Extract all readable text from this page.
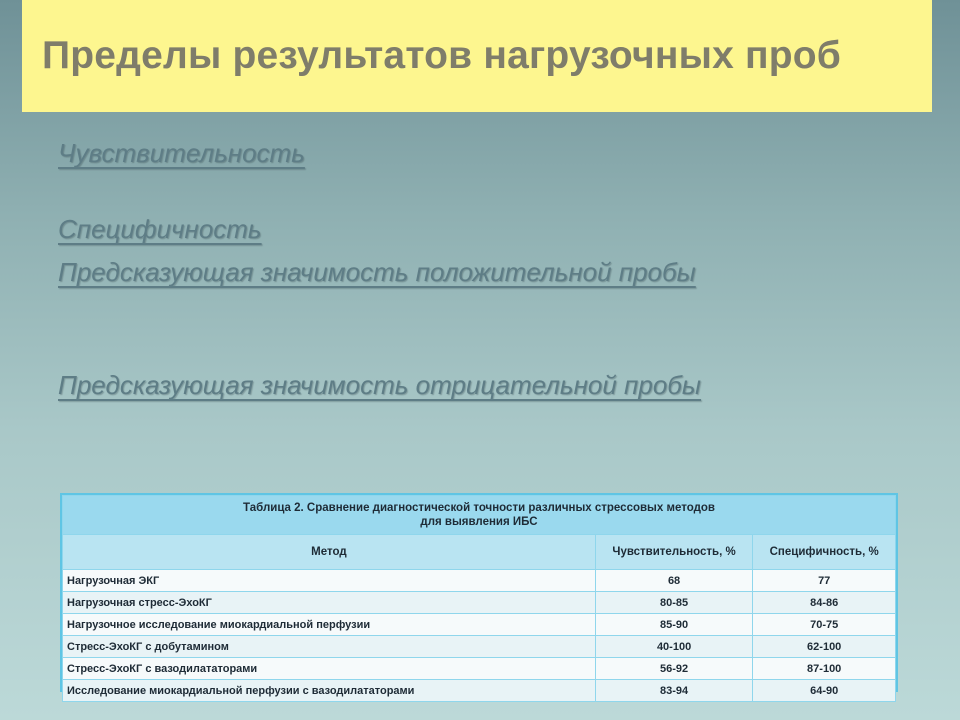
Пределы результатов нагрузочных проб
Чувствительность
Специфичность
Предсказующая значимость положительной пробы
Предсказующая значимость отрицательной пробы
Таблица 2. Сравнение диагностической точности различных стрессовых методов
для выявления ИБС		
Метод	Чувствительность, %	Специфичность, %
Нагрузочная ЭКГ	68	77
Нагрузочная стресс-ЭхоКГ	80-85	84-86
Нагрузочное исследование миокардиальной перфузии	85-90	70-75
Стресс-ЭхоКГ с добутамином	40-100	62-100
Стресс-ЭхоКГ с вазодилататорами	56-92	87-100
Исследование миокардиальной перфузии с вазодилататорами	83-94	64-90
